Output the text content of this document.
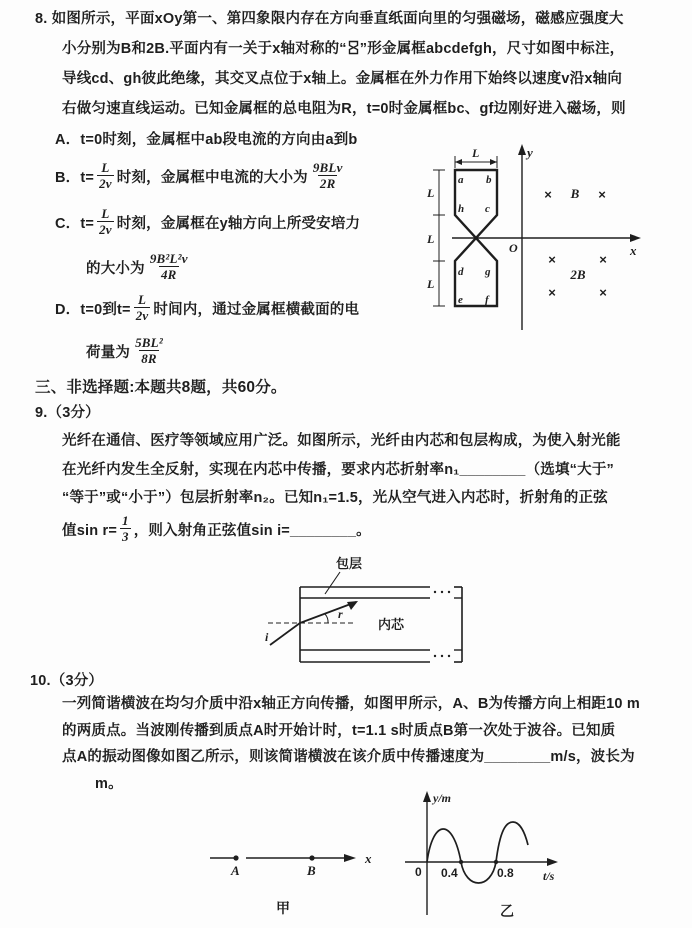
8. 如图所示，平面xOy第一、第四象限内存在方向垂直纸面向里的匀强磁场，磁感应强度大
小分别为B和2B.平面内有一关于x轴对称的“ ”形金属框abcdefgh，尺寸如图中标注，
导线cd、gh彼此绝缘，其交叉点位于x轴上。金属框在外力作用下始终以速度v沿x轴向
右做匀速直线运动。已知金属框的总电阻为R，t=0时金属框bc、gf边刚好进入磁场，则
A．t=0时刻，金属框中ab段电流的方向由a到b
B．$t= \frac{L}{2v}$ 时刻，金属框中电流的大小为 $\frac{\text{9BLv}}{2R}$
C．$t= \frac{L}{2v}$ 时刻，金属框在y轴方向上所受安培力
的大小为 $\frac{\text{9B²L²v}}{4R}$
D．t=0到$t= \frac{L}{2v}$ 时间内，通过金属框横截面的电
荷量为 $\frac{\text{5BL²}}{8R}$
y
x
O
a b
h c
d g
e f
L
L
L
L
× B ×
×	×
2B
×	×
三、非选择题:本题共8题，共60分。
9.（3分）
光纤在通信、医疗等领域应用广泛。如图所示，光纤由内芯和包层构成，为使入射光能
在光纤内发生全反射，实现在内芯中传播，要求内芯折射率n₁________（选填“大于”
“等于”或“小于”）包层折射率n₂。已知n₁=1.5，光从空气进入内芯时，折射角的正弦
值$\sin r= \frac{1}{3}$ ，则入射角正弦值sin i=________。
包层
内芯
i
r
10.（3分）
一列简谐横波在均匀介质中沿x轴正方向传播，如图甲所示，A、B为传播方向上相距10 m
的两质点。当波刚传播到质点A时开始计时，t=1.1 s时质点B第一次处于波谷。已知质
点A的振动图像如图乙所示，则该简谐横波在该介质中传播速度为________m/s，波长为
m。
A	B
x
甲
y/m
t/s
0 0.4	0.8
乙
